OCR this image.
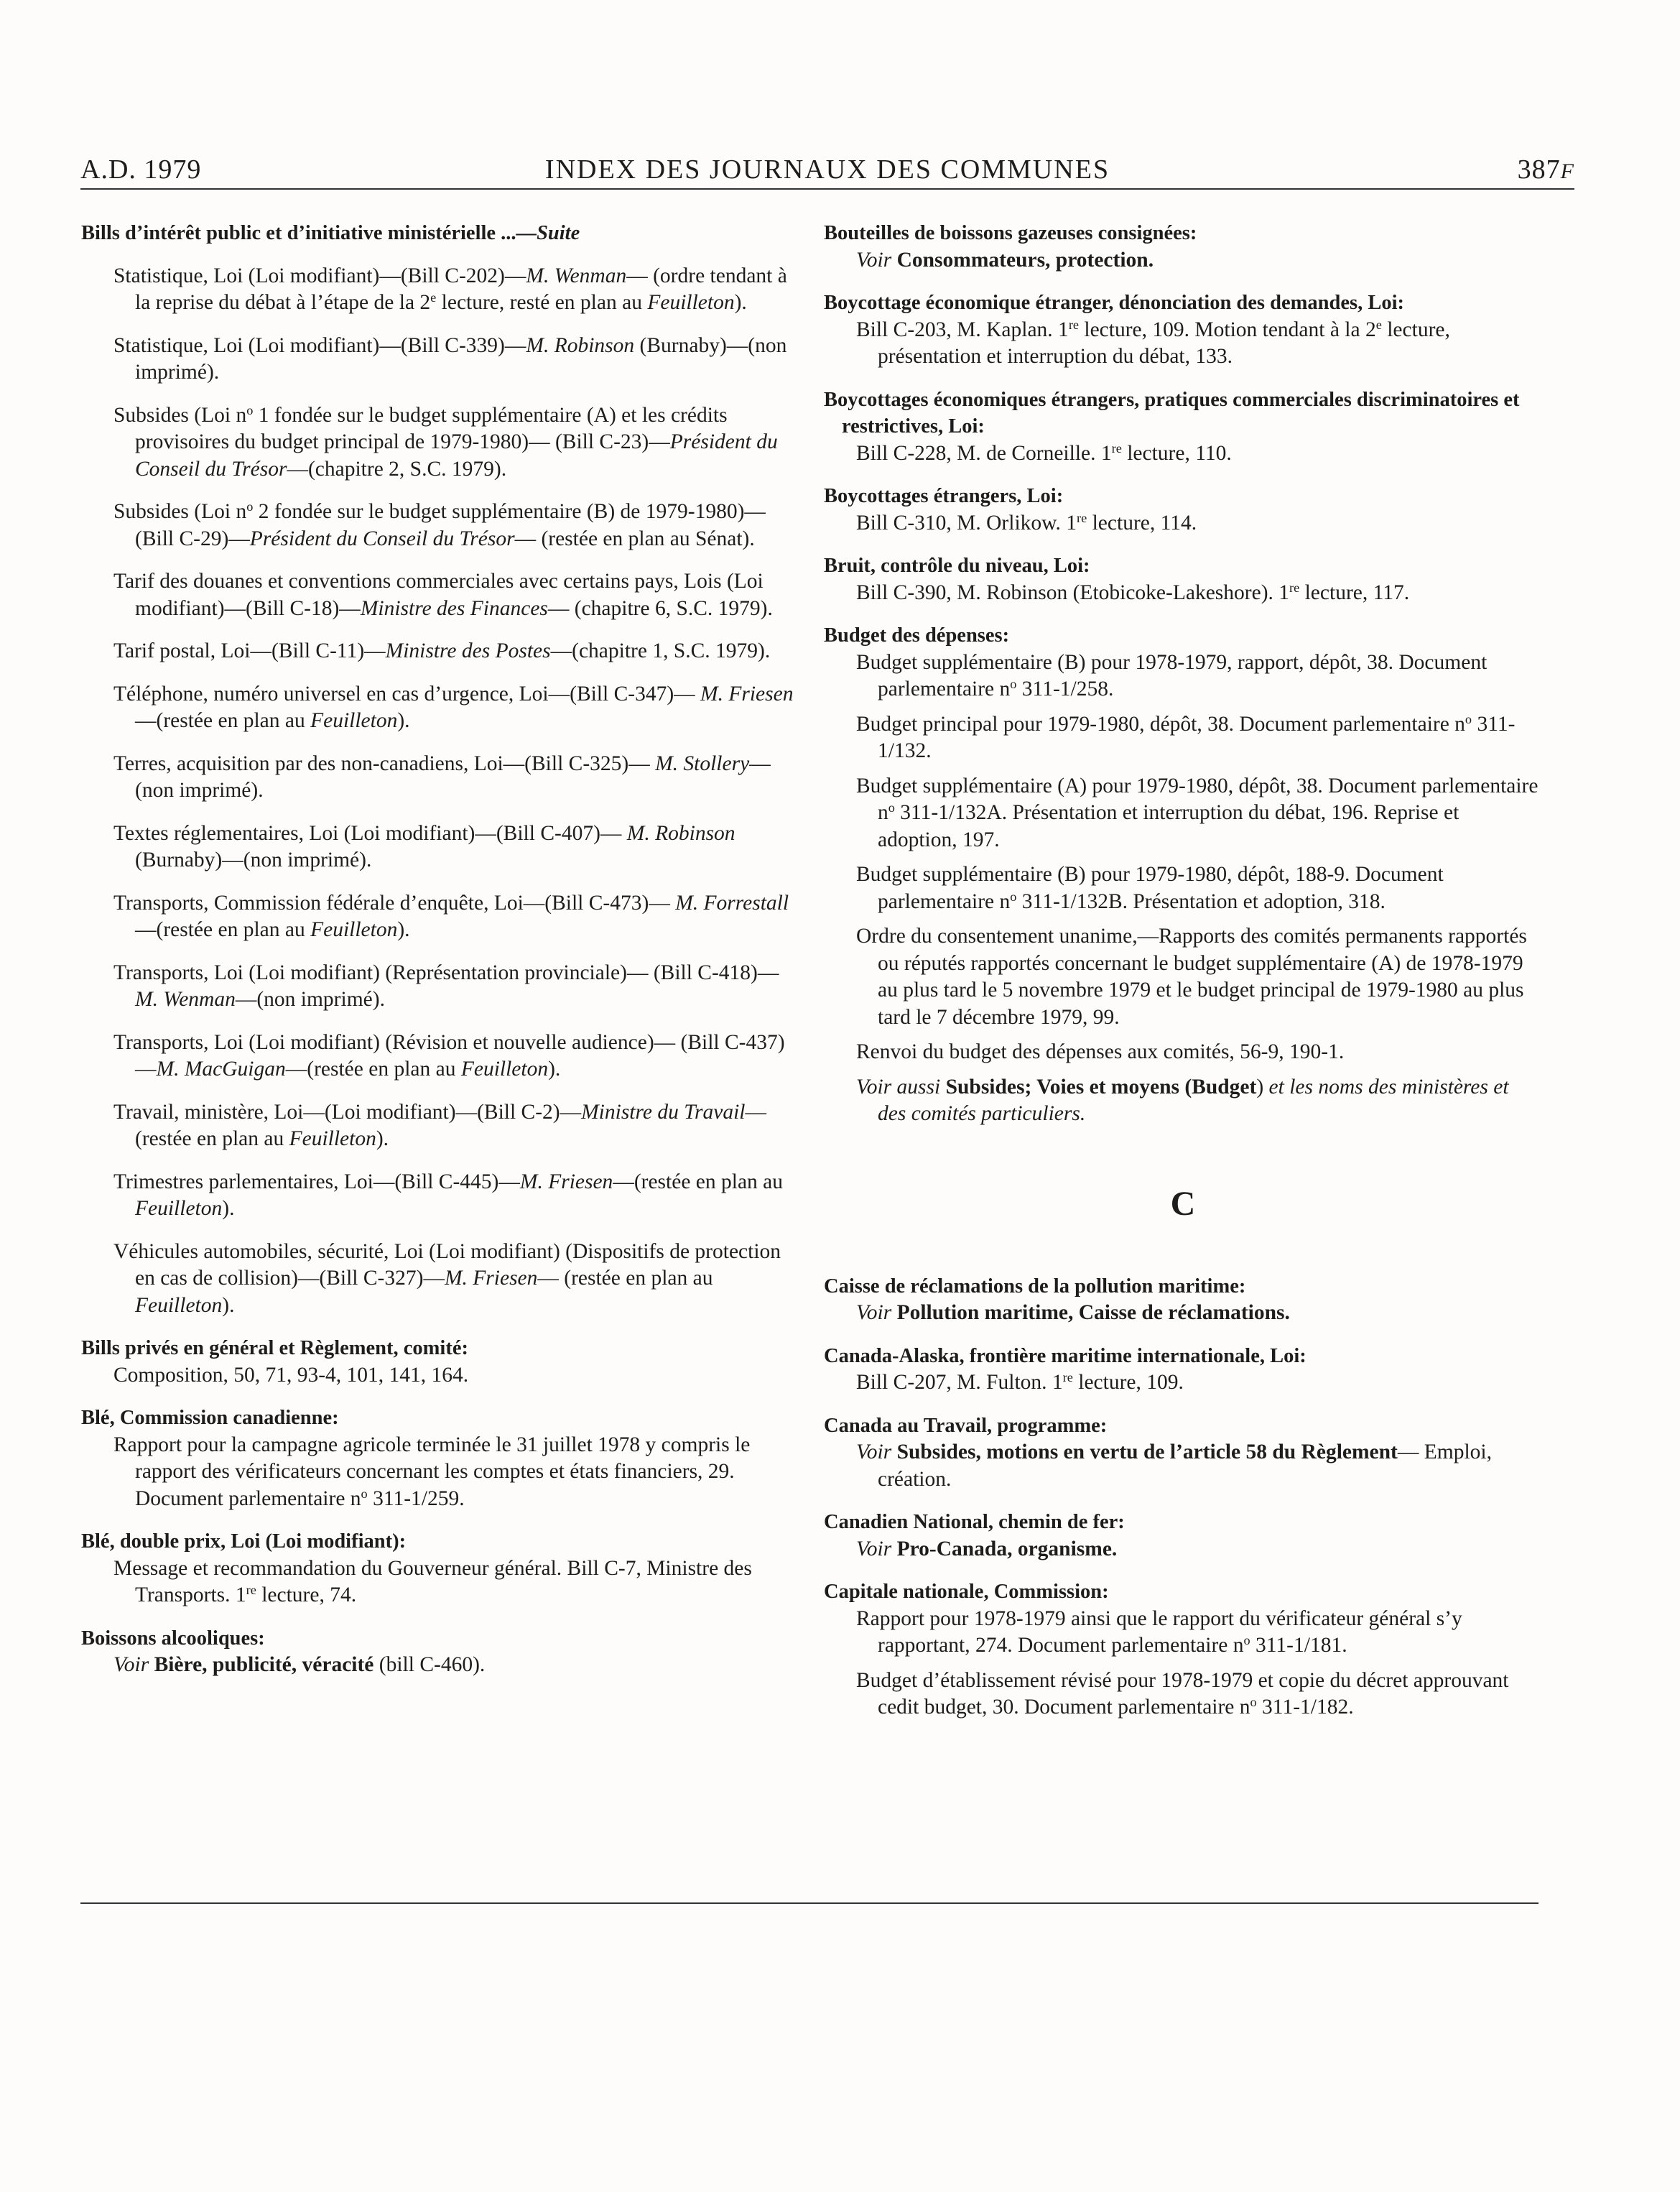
A.D. 1979	INDEX DES JOURNAUX DES COMMUNES	387F

Bills d’intérêt public et d’initiative ministérielle ...—Suite

Statistique, Loi (Loi modifiant)—(Bill C-202)—M. Wenman— (ordre tendant à la reprise du débat à l’étape de la 2e lecture, resté en plan au Feuilleton).

Statistique, Loi (Loi modifiant)—(Bill C-339)—M. Robinson (Burnaby)—(non imprimé).

Subsides (Loi $n^o$ 1 fondée sur le budget supplémentaire (A) et les crédits provisoires du budget principal de 1979-1980)— (Bill C-23)—Président du Conseil du Trésor—(chapitre 2, S.C. 1979).

Subsides (Loi $n^o$ 2 fondée sur le budget supplémentaire (B) de 1979-1980)—(Bill C-29)—Président du Conseil du Trésor— (restée en plan au Sénat).

Tarif des douanes et conventions commerciales avec certains pays, Lois (Loi modifiant)—(Bill C-18)—Ministre des Finances— (chapitre 6, S.C. 1979).

Tarif postal, Loi—(Bill C-11)—Ministre des Postes—(chapitre 1, S.C. 1979).

Téléphone, numéro universel en cas d’urgence, Loi—(Bill C-347)— M. Friesen—(restée en plan au Feuilleton).

Terres, acquisition par des non-canadiens, Loi—(Bill C-325)— M. Stollery—(non imprimé).

Textes réglementaires, Loi (Loi modifiant)—(Bill C-407)— M. Robinson (Burnaby)—(non imprimé).

Transports, Commission fédérale d’enquête, Loi—(Bill C-473)— M. Forrestall—(restée en plan au Feuilleton).

Transports, Loi (Loi modifiant) (Représentation provinciale)— (Bill C-418)—M. Wenman—(non imprimé).

Transports, Loi (Loi modifiant) (Révision et nouvelle audience)— (Bill C-437)—M. MacGuigan—(restée en plan au Feuilleton).

Travail, ministère, Loi—(Loi modifiant)—(Bill C-2)—Ministre du Travail—(restée en plan au Feuilleton).

Trimestres parlementaires, Loi—(Bill C-445)—M. Friesen—(restée en plan au Feuilleton).

Véhicules automobiles, sécurité, Loi (Loi modifiant) (Dispositifs de protection en cas de collision)—(Bill C-327)—M. Friesen— (restée en plan au Feuilleton).

Bills privés en général et Règlement, comité:

Composition, 50, 71, 93-4, 101, 141, 164.

Blé, Commission canadienne:

Rapport pour la campagne agricole terminée le 31 juillet 1978 y compris le rapport des vérificateurs concernant les comptes et états financiers, 29. Document parlementaire $n^o$ 311-1/259.

Blé, double prix, Loi (Loi modifiant):

Message et recommandation du Gouverneur général. Bill C-7, Ministre des Transports. 1re lecture, 74.

Boissons alcooliques:

Voir Bière, publicité, véracité (bill C-460).

Bouteilles de boissons gazeuses consignées:

Voir Consommateurs, protection.

Boycottage économique étranger, dénonciation des demandes, Loi:

Bill C-203, M. Kaplan. 1re lecture, 109. Motion tendant à la 2e lecture, présentation et interruption du débat, 133.

Boycottages économiques étrangers, pratiques commerciales discriminatoires et restrictives, Loi:

Bill C-228, M. de Corneille. 1re lecture, 110.

Boycottages étrangers, Loi:

Bill C-310, M. Orlikow. 1re lecture, 114.

Bruit, contrôle du niveau, Loi:

Bill C-390, M. Robinson (Etobicoke-Lakeshore). 1re lecture, 117.

Budget des dépenses:

Budget supplémentaire (B) pour 1978-1979, rapport, dépôt, 38. Document parlementaire $n^o$ 311-1/258.

Budget principal pour 1979-1980, dépôt, 38. Document parlementaire $n^o$ 311-1/132.

Budget supplémentaire (A) pour 1979-1980, dépôt, 38. Document parlementaire $n^o$ 311-1/132A. Présentation et interruption du débat, 196. Reprise et adoption, 197.

Budget supplémentaire (B) pour 1979-1980, dépôt, 188-9. Document parlementaire $n^o$ 311-1/132B. Présentation et adoption, 318.

Ordre du consentement unanime,—Rapports des comités permanents rapportés ou réputés rapportés concernant le budget supplémentaire (A) de 1978-1979 au plus tard le 5 novembre 1979 et le budget principal de 1979-1980 au plus tard le 7 décembre 1979, 99.

Renvoi du budget des dépenses aux comités, 56-9, 190-1.

Voir aussi Subsides; Voies et moyens (Budget) et les noms des ministères et des comités particuliers.

C

Caisse de réclamations de la pollution maritime:

Voir Pollution maritime, Caisse de réclamations.

Canada-Alaska, frontière maritime internationale, Loi:

Bill C-207, M. Fulton. 1re lecture, 109.

Canada au Travail, programme:

Voir Subsides, motions en vertu de l’article 58 du Règlement— Emploi, création.

Canadien National, chemin de fer:

Voir Pro-Canada, organisme.

Capitale nationale, Commission:

Rapport pour 1978-1979 ainsi que le rapport du vérificateur général s’y rapportant, 274. Document parlementaire $n^o$ 311-1/181.

Budget d’établissement révisé pour 1978-1979 et copie du décret approuvant cedit budget, 30. Document parlementaire $n^o$ 311-1/182.
